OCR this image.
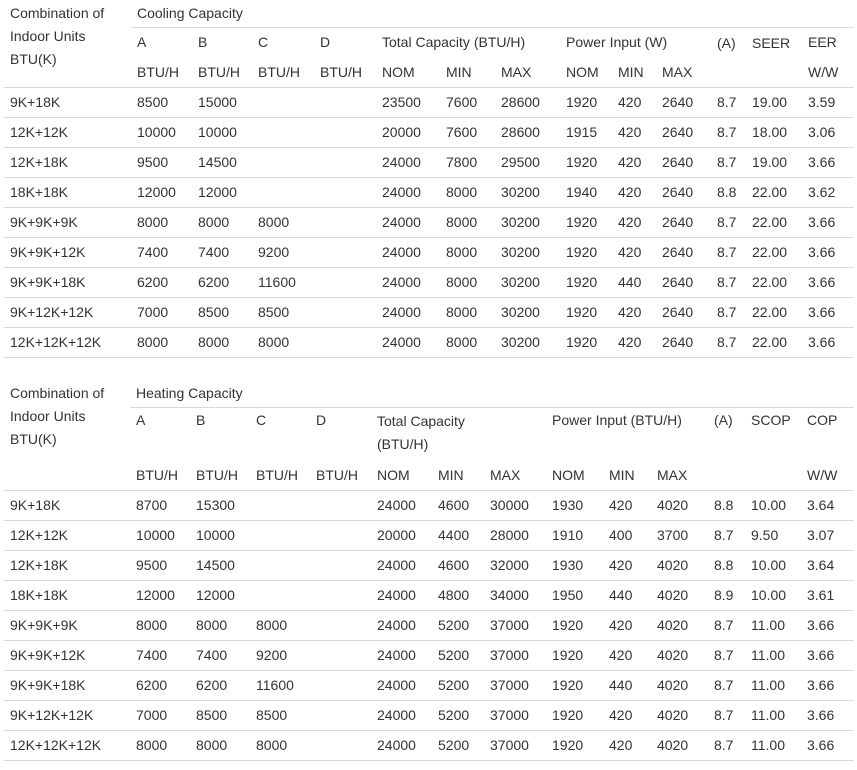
Combination of Indoor Units BTU(K)	Cooling Capacity												
	A	B	C	D	Total Capacity (BTU/H)			Power Input (W)			(A)	SEER	EER
	BTU/H	BTU/H	BTU/H	BTU/H	NOM	MIN	MAX	NOM	MIN	MAX			W/W
9K+18K	8500	15000			23500	7600	28600	1920	420	2640	8.7	19.00	3.59
12K+12K	10000	10000			20000	7600	28600	1915	420	2640	8.7	18.00	3.06
12K+18K	9500	14500			24000	7800	29500	1920	420	2640	8.7	19.00	3.66
18K+18K	12000	12000			24000	8000	30200	1940	420	2640	8.8	22.00	3.62
9K+9K+9K	8000	8000	8000		24000	8000	30200	1920	420	2640	8.7	22.00	3.66
9K+9K+12K	7400	7400	9200		24000	8000	30200	1920	420	2640	8.7	22.00	3.66
9K+9K+18K	6200	6200	11600		24000	8000	30200	1920	440	2640	8.7	22.00	3.66
9K+12K+12K	7000	8500	8500		24000	8000	30200	1920	420	2640	8.7	22.00	3.66
12K+12K+12K	8000	8000	8000		24000	8000	30200	1920	420	2640	8.7	22.00	3.66
Combination of Indoor Units BTU(K)	Heating Capacity												
	A	B	C	D	Total Capacity (BTU/H)			Power Input (BTU/H)			(A)	SCOP	COP
	BTU/H	BTU/H	BTU/H	BTU/H	NOM	MIN	MAX	NOM	MIN	MAX			W/W
9K+18K	8700	15300			24000	4600	30000	1930	420	4020	8.8	10.00	3.64
12K+12K	10000	10000			20000	4400	28000	1910	400	3700	8.7	9.50	3.07
12K+18K	9500	14500			24000	4600	32000	1930	420	4020	8.8	10.00	3.64
18K+18K	12000	12000			24000	4800	34000	1950	440	4020	8.9	10.00	3.61
9K+9K+9K	8000	8000	8000		24000	5200	37000	1920	420	4020	8.7	11.00	3.66
9K+9K+12K	7400	7400	9200		24000	5200	37000	1920	420	4020	8.7	11.00	3.66
9K+9K+18K	6200	6200	11600		24000	5200	37000	1920	440	4020	8.7	11.00	3.66
9K+12K+12K	7000	8500	8500		24000	5200	37000	1920	420	4020	8.7	11.00	3.66
12K+12K+12K	8000	8000	8000		24000	5200	37000	1920	420	4020	8.7	11.00	3.66
